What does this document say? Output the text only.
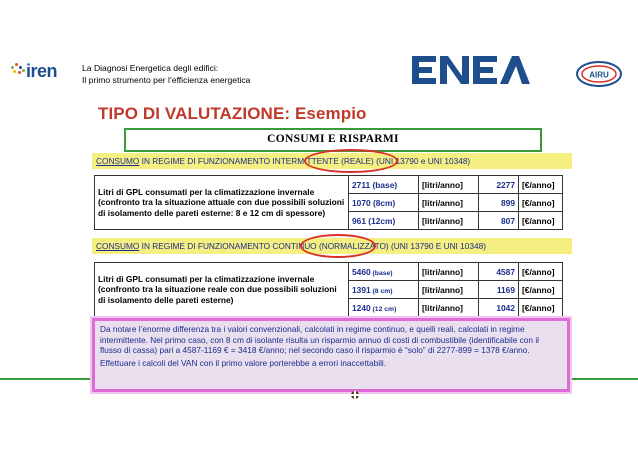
iren	La Diagnosi Energetica degli edifici:
Il primo strumento per l’efficienza energetica	AIRU
TIPO DI VALUTAZIONE: Esempio
CONSUMI E RISPARMI
CONSUMO IN REGIME DI FUNZIONAMENTO INTERMITTENTE (REALE) (UNI 13790 e UNI 10348)
Litri di GPL consumati per la climatizzazione invernale (confronto tra la situazione attuale con due possibili soluzioni di isolamento delle pareti esterne: 8 e 12 cm di spessore)	2711 (base)	[litri/anno]	2277	[€/anno]
	1070 (8cm)	[litri/anno]	899	[€/anno]
	961 (12cm)	[litri/anno]	807	[€/anno]
CONSUMO IN REGIME DI FUNZIONAMENTO CONTINUO (NORMALIZZATO) (UNI 13790 E UNI 10348)
Litri di GPL consumati per la climatizzazione invernale (confronto tra la situazione reale con due possibili soluzioni di isolamento delle pareti esterne)	5460 (base)	[litri/anno]	4587	[€/anno]
	1391 (8 cm)	[litri/anno]	1169	[€/anno]
	1240 (12 cm)	[litri/anno]	1042	[€/anno]

Da notare l’enorme differenza tra i valori convenzionali, calcolati in regime continuo, e quelli reali, calcolati in regime intermittente. Nel primo caso, con 8 cm di isolante risulta un risparmio annuo di costi di combustibile (identificabile con il flusso di cassa) pari a 4587-1169 € = 3418 €/anno; nel secondo caso il risparmio è “solo” di 2277-899 = 1378 €/anno.

Effettuare i calcoli del VAN con il primo valore porterebbe a errori inaccettabili.
